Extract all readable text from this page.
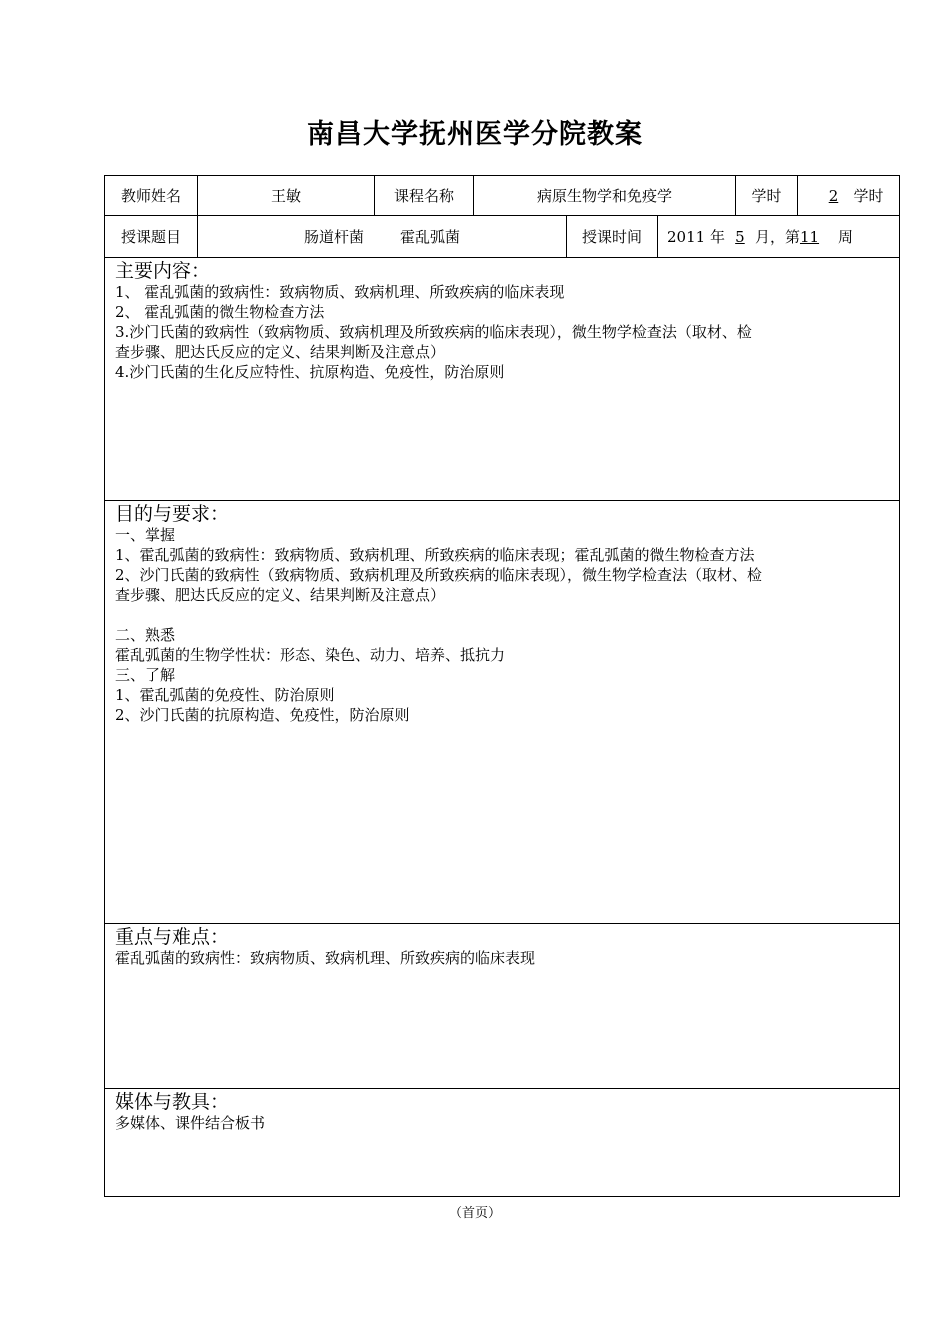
南昌大学抚州医学分院教案
教师姓名	王敏	课程名称	病原生物学和免疫学	学时	2	学时
授课题目	肠道杆菌 霍乱弧菌	授课时间	2011 年 5 月，第 11	周
主要内容：
1、 霍乱弧菌的致病性：致病物质、致病机理、所致疾病的临床表现
2、 霍乱弧菌的微生物检查方法
3.沙门氏菌的致病性（致病物质、致病机理及所致疾病的临床表现），微生物学检查法（取材、检
查步骤、肥达氏反应的定义、结果判断及注意点）
4.沙门氏菌的生化反应特性、抗原构造、免疫性，防治原则
目的与要求：
一、掌握
1、霍乱弧菌的致病性：致病物质、致病机理、所致疾病的临床表现；霍乱弧菌的微生物检查方法
2、沙门氏菌的致病性（致病物质、致病机理及所致疾病的临床表现），微生物学检查法（取材、检
查步骤、肥达氏反应的定义、结果判断及注意点）
二、熟悉
霍乱弧菌的生物学性状：形态、染色、动力、培养、抵抗力
三、了解
1、霍乱弧菌的免疫性、防治原则
2、沙门氏菌的抗原构造、免疫性，防治原则
重点与难点：
霍乱弧菌的致病性：致病物质、致病机理、所致疾病的临床表现
媒体与教具：
多媒体、课件结合板书
（首页）
